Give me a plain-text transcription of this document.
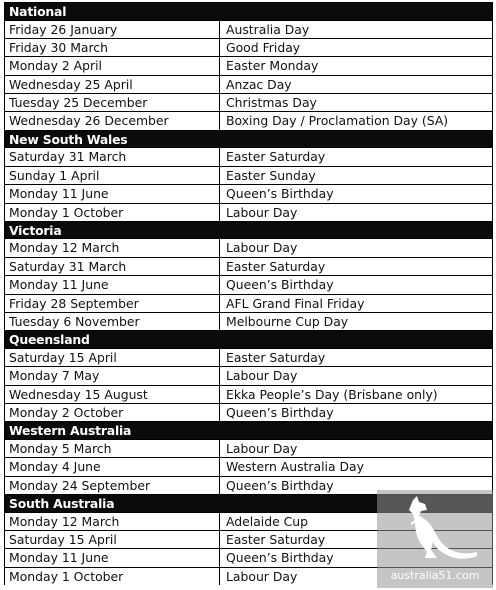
National
Friday 26 January	Australia Day
Friday 30 March	Good Friday
Monday 2 April	Easter Monday
Wednesday 25 April	Anzac Day
Tuesday 25 December	Christmas Day
Wednesday 26 December	Boxing Day / Proclamation Day (SA)
New South Wales
Saturday 31 March	Easter Saturday
Sunday 1 April	Easter Sunday
Monday 11 June	Queen’s Birthday
Monday 1 October	Labour Day
Victoria
Monday 12 March	Labour Day
Saturday 31 March	Easter Saturday
Monday 11 June	Queen’s Birthday
Friday 28 September	AFL Grand Final Friday
Tuesday 6 November	Melbourne Cup Day
Queensland
Saturday 15 April	Easter Saturday
Monday 7 May	Labour Day
Wednesday 15 August	Ekka People’s Day (Brisbane only)
Monday 2 October	Queen’s Birthday
Western Australia
Monday 5 March	Labour Day
Monday 4 June	Western Australia Day
Monday 24 September	Queen’s Birthday
South Australia
Monday 12 March	Adelaide Cup
Saturday 15 April	Easter Saturday
Monday 11 June	Queen’s Birthday
Monday 1 October	Labour Day	australia51.com
